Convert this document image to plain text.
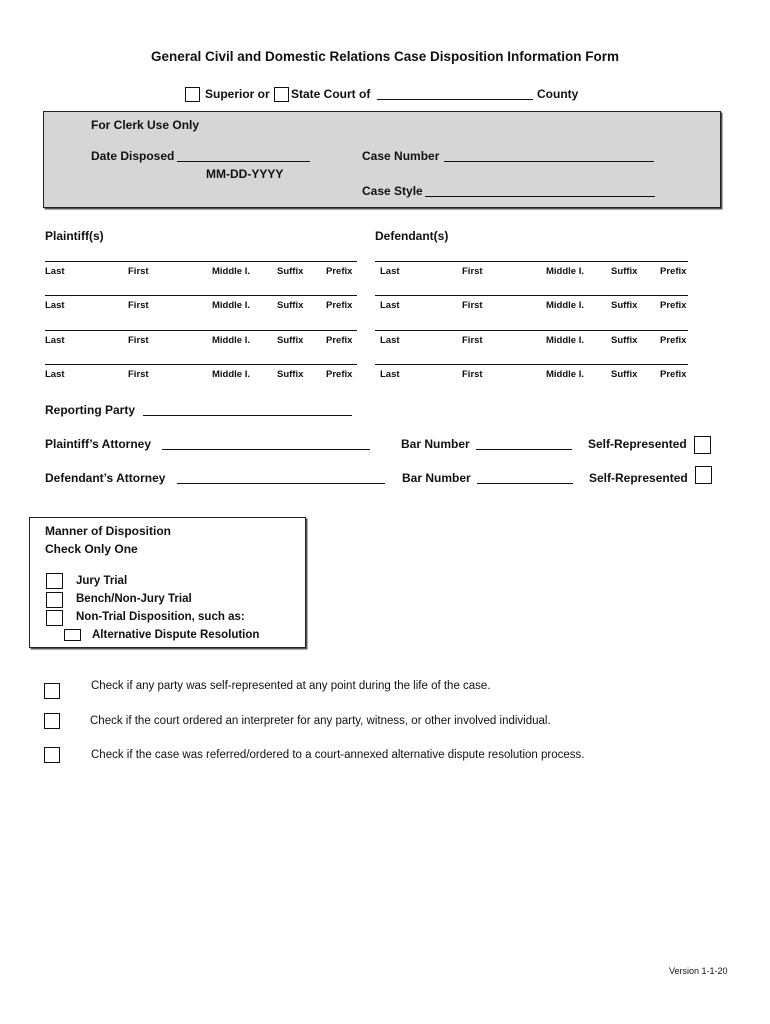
General Civil and Domestic Relations Case Disposition Information Form
Superior or State Court of	County
For Clerk Use Only
Date Disposed
MM-DD-YYYY
Case Number
Case Style
Plaintiff(s)	Defendant(s)
Last	First	Middle I.	Suffix Prefix
Last	First	Middle I.	Suffix Prefix
Last	First	Middle I.	Suffix Prefix
Last	First	Middle I.	Suffix Prefix
Last	First	Middle I.	Suffix Prefix
Last	First	Middle I.	Suffix Prefix
Last	First	Middle I.	Suffix Prefix
Last	First	Middle I.	Suffix Prefix
Reporting Party
Plaintiff’s Attorney	Bar Number	Self-Represented
Defendant’s Attorney	Bar Number	Self-Represented
Manner of Disposition
Check Only One
Jury Trial
Bench/Non-Jury Trial
Non-Trial Disposition, such as:
Alternative Dispute Resolution
Check if any party was self-represented at any point during the life of the case.
Check if the court ordered an interpreter for any party, witness, or other involved individual.
Check if the case was referred/ordered to a court-annexed alternative dispute resolution process.
Version 1-1-20
